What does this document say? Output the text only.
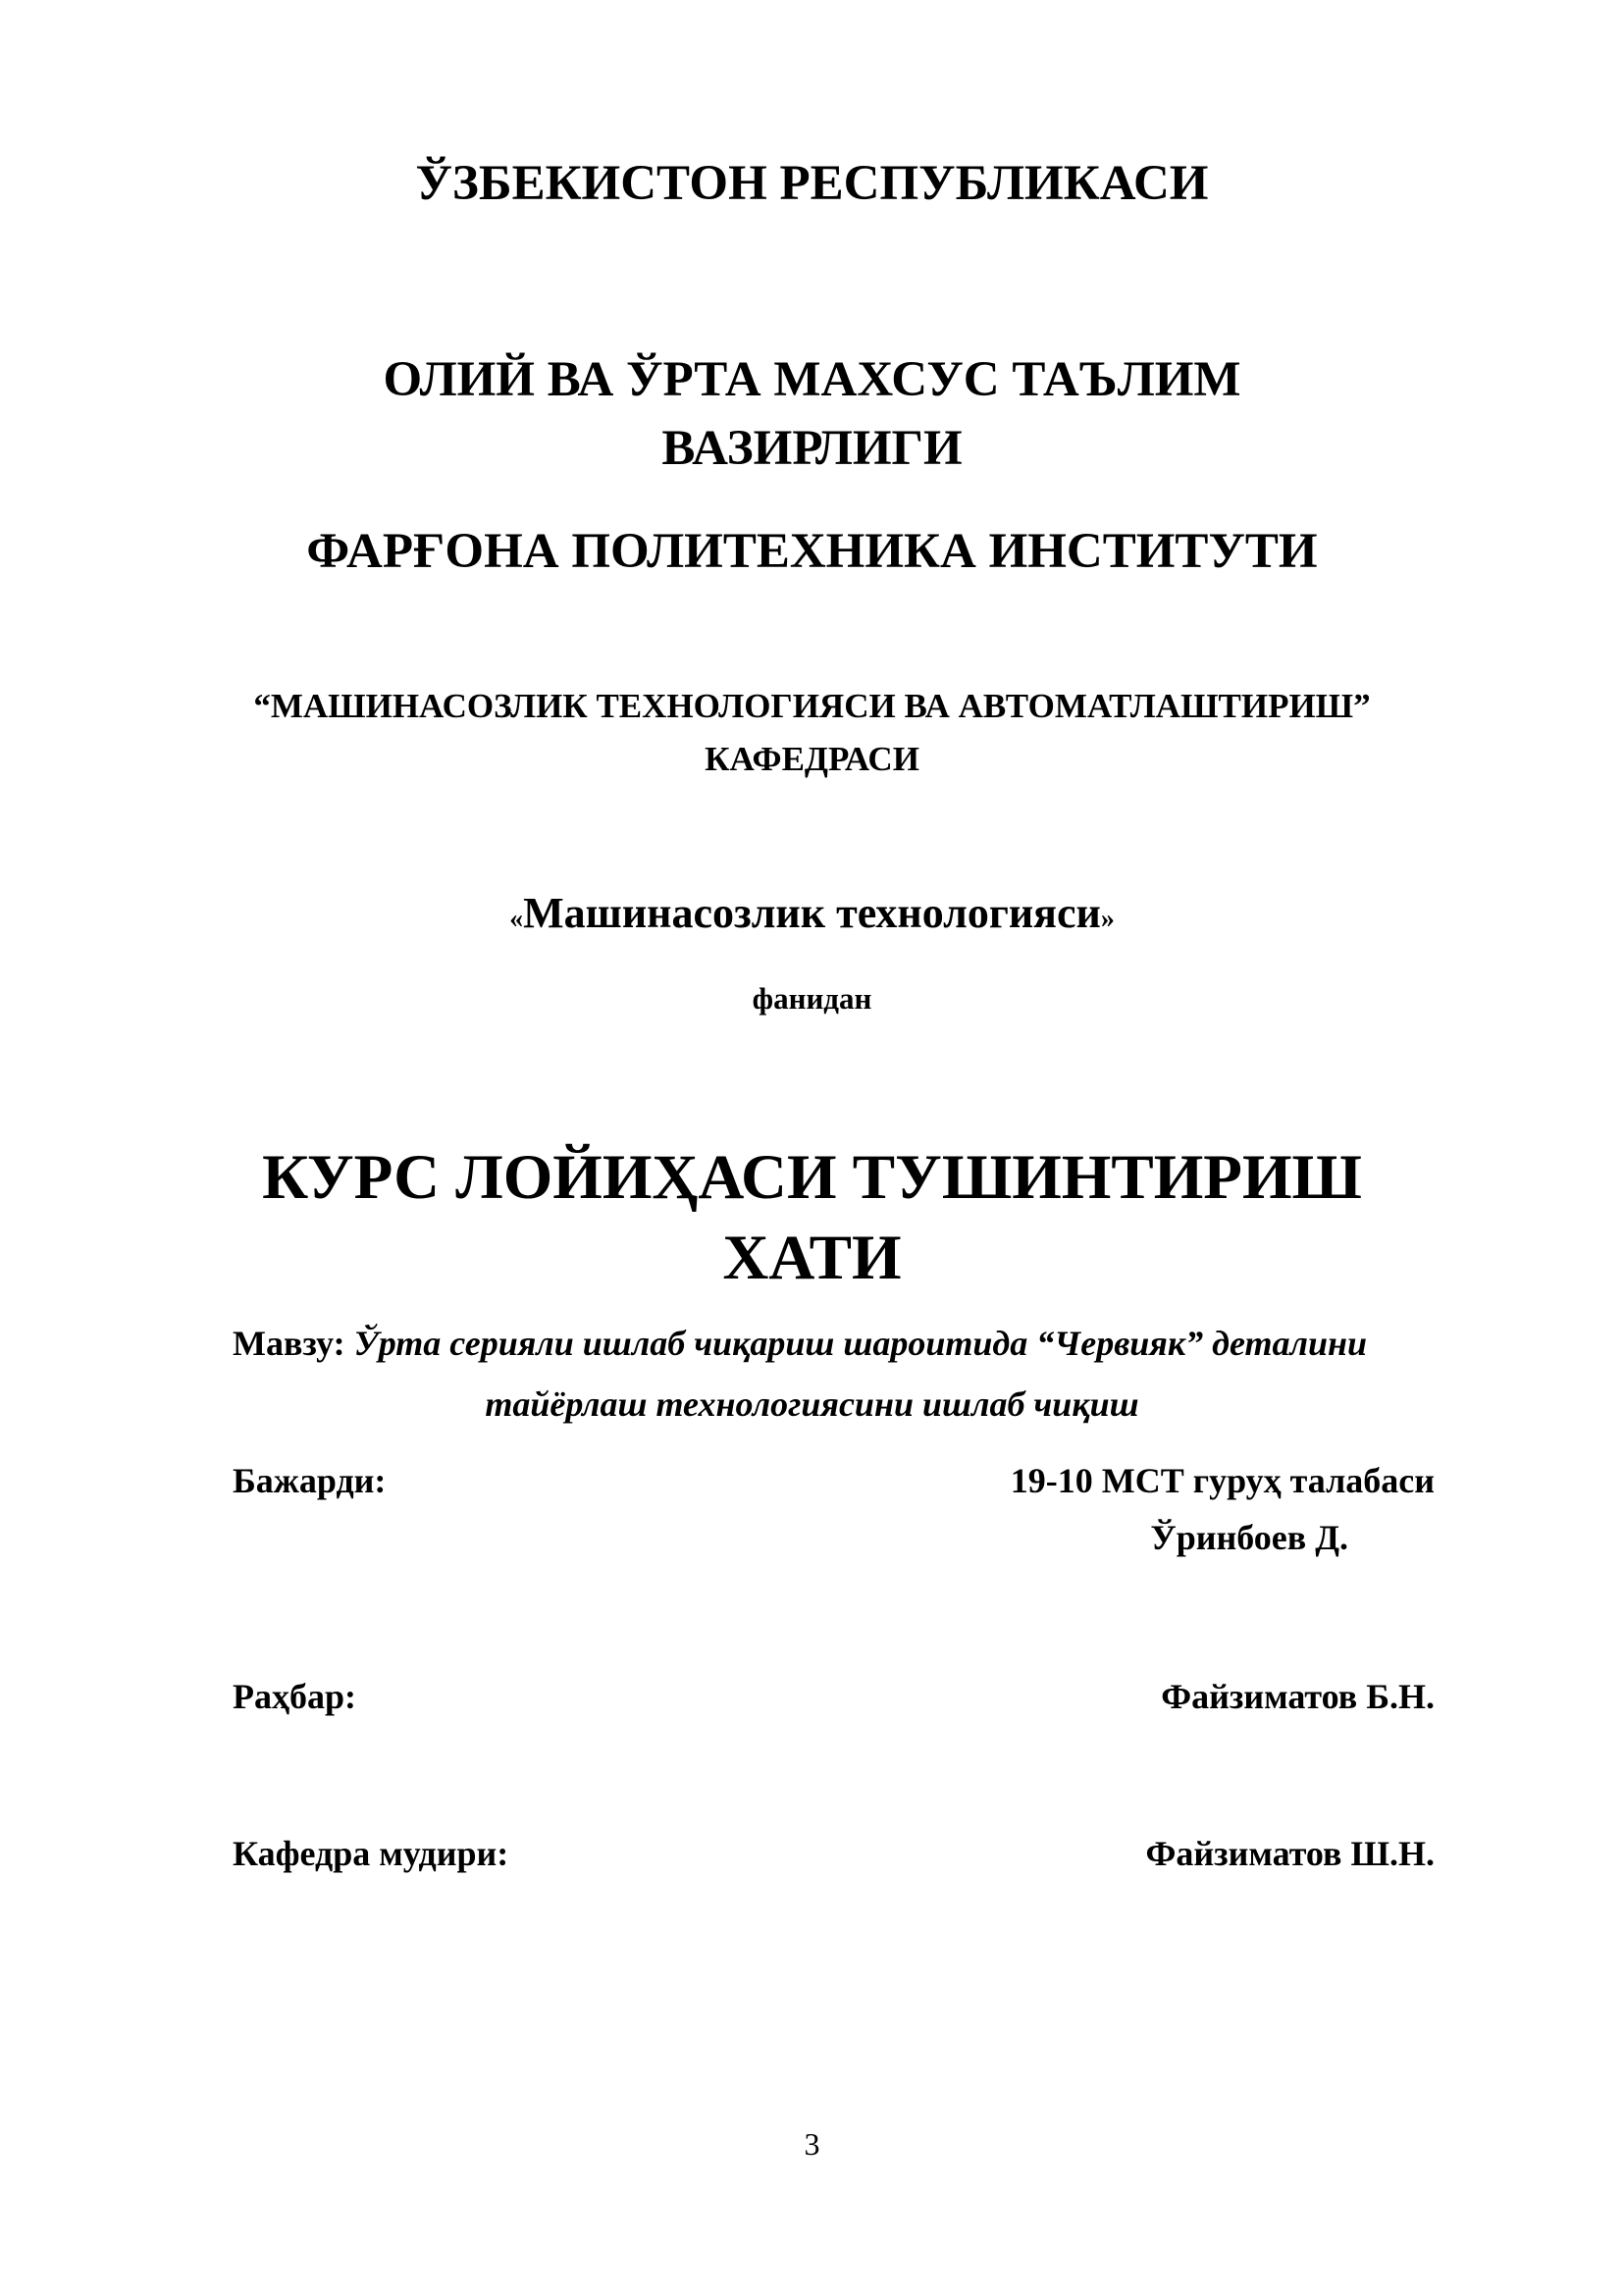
ЎЗБЕКИСТОН РЕСПУБЛИКАСИ
ОЛИЙ ВА ЎРТА МАХСУС ТАЪЛИМ
ВАЗИРЛИГИ
ФАРҒОНА ПОЛИТЕХНИКА ИНСТИТУТИ
“МАШИНАСОЗЛИК ТЕХНОЛОГИЯСИ ВА АВТОМАТЛАШТИРИШ”
КАФЕДРАСИ
«Машинасозлик технологияси»
фанидан
КУРС ЛОЙИҲАСИ ТУШИНТИРИШ
ХАТИ
Мавзу: Ўрта серияли ишлаб чиқариш шароитида “Червияк” деталини
тайёрлаш технологиясини ишлаб чиқиш
Бажарди:	19-10 МСТ гуруҳ талабаси
Ўринбоев Д.
Раҳбар:	Файзиматов Б.Н.
Кафедра мудири:	Файзиматов Ш.Н.
3
